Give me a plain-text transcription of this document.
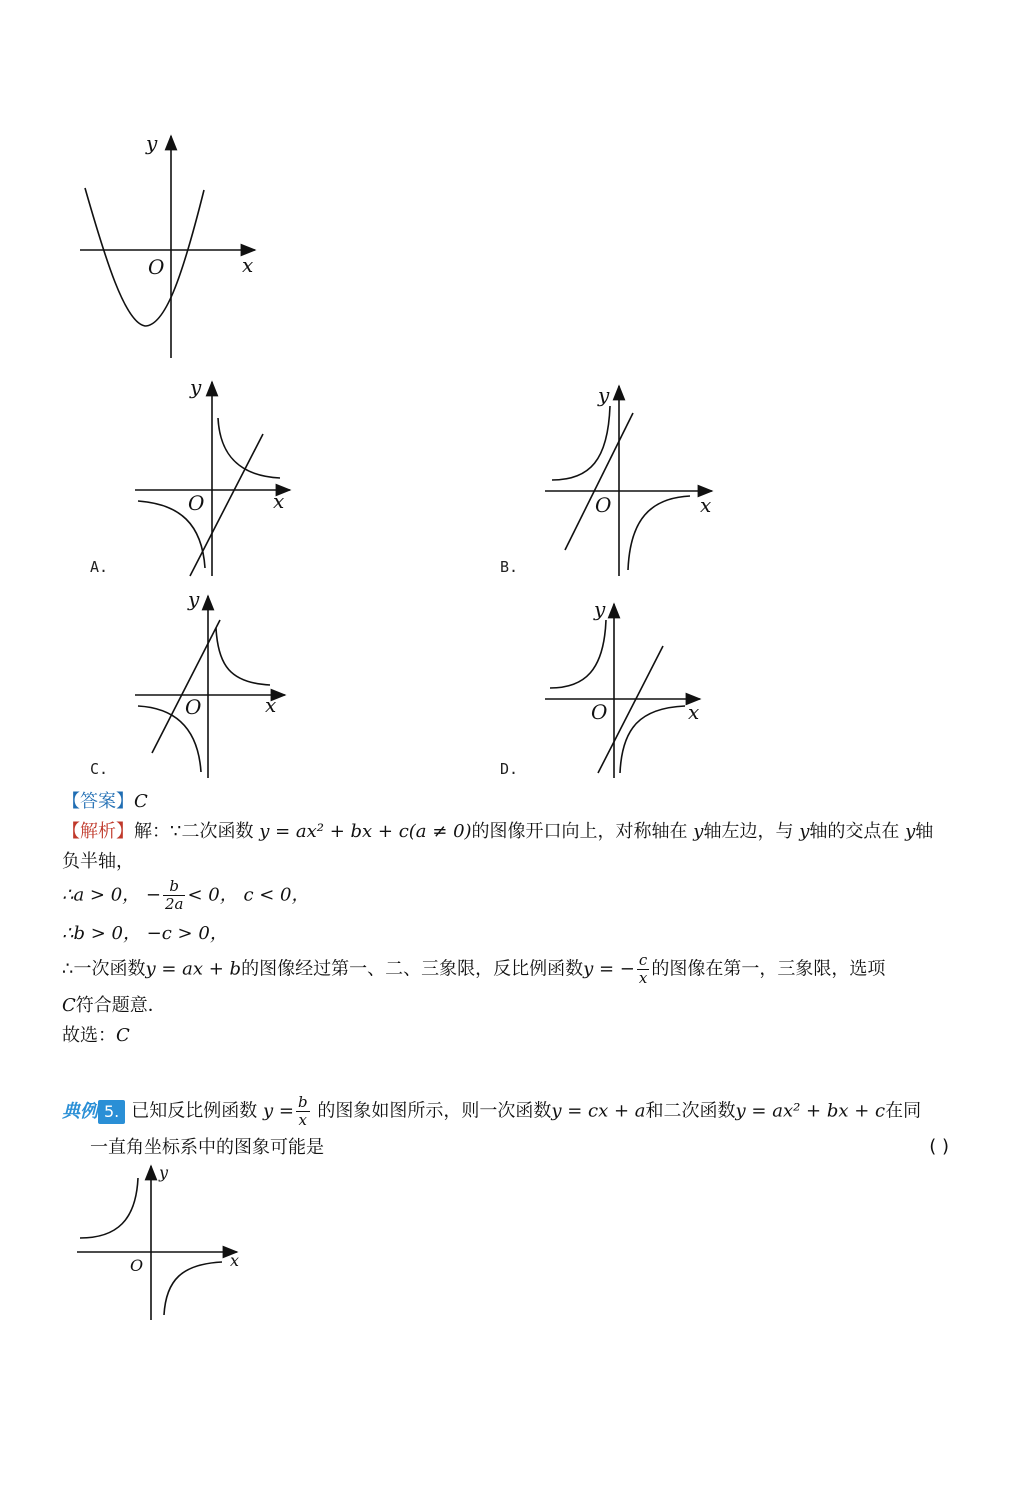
y
O	x
y
O	x
A.
y
O	x
B.
y
O	x
C.
y
O	x
D.
【答案】C
【解析】解：∵二次函数 y = ax² + bx + c(a ≠ 0)的图像开口向上，对称轴在 y轴左边，与 y轴的交点在 y轴
负半轴，
∴a > 0， − $\frac{b}{2a} < 0$， c < 0，
∴b > 0， −c > 0，
∴一次函数y = ax + b的图像经过第一、二、三象限，反比例函数y = − $\frac{c}{x}$ 的图像在第一，三象限，选项
C符合题意．
故选：C
典例 5. 已知反比例函数 $y = \frac{b}{x}$ 的图象如图所示，则一次函数y = cx + a和二次函数y = ax² + bx + c在同
一直角坐标系中的图象可能是	( )
y
O	x
